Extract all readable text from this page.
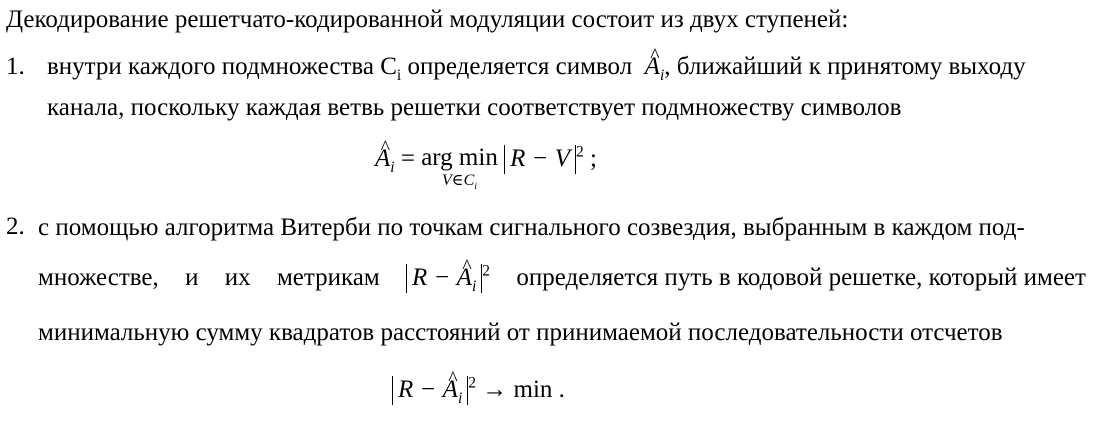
Декодирование решетчато-кодированной модуляции состоит из двух ступеней:
1. внутри каждого подмножества $C_i$ определяется символ ^ $A_i$, ближайший к принятому выходу
канала, поскольку каждая ветвь решетки соответствует подмножеству символов
^ $A_i$ = arg min
$V\in C_i$
R − V $^2$ ;
2. с помощью алгоритма Витерби по точкам сигнального созвездия, выбранным в каждом под-
множестве, и их метрикам R − ^ $A_i^2$ определяется путь в кодовой решетке, который имеет
минимальную сумму квадратов расстояний от принимаемой последовательности отсчетов
R − ^ $A_i^2 \to \min$ .
